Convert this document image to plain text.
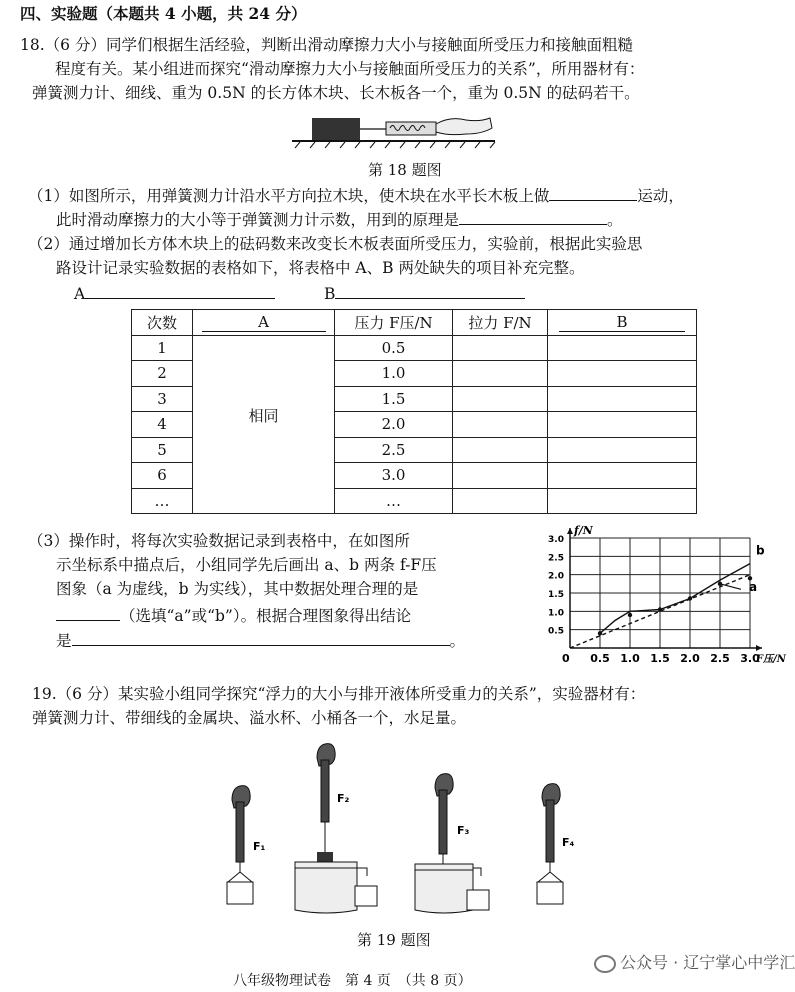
四、实验题（本题共 4 小题，共 24 分）
18.（6 分）同学们根据生活经验，判断出滑动摩擦力大小与接触面所受压力和接触面粗糙
程度有关。某小组进而探究“滑动摩擦力大小与接触面所受压力的关系”，所用器材有：
弹簧测力计、细线、重为 0.5N 的长方体木块、长木板各一个，重为 0.5N 的砝码若干。
第 18 题图
（1）如图所示，用弹簧测力计沿水平方向拉木块，使木块在水平长木板上做	运动，
此时滑动摩擦力的大小等于弹簧测力计示数，用到的原理是	。
（2）通过增加长方体木块上的砝码数来改变长木板表面所受压力，实验前，根据此实验思
路设计记录实验数据的表格如下，将表格中 A、B 两处缺失的项目补充完整。
A	B
次数	A	压力 F压/N	拉力 F/N	B
1	相同	0.5		
2		1.0		
3		1.5		
4		2.0		
5		2.5		
6		3.0		
…		…		
（3）操作时，将每次实验数据记录到表格中，在如图所
示坐标系中描点后，小组同学先后画出 a、b 两条 f-F压
图象（a 为虚线，b 为实线），其中数据处理合理的是
（选填“a”或“b”）。根据合理图象得出结论
是	。
0.5 1.0 1.5 2.0 2.5 3.0
0.5
1.0
1.5
2.0
2.5
3.0
0
f/N
F压/N
a
b
19.（6 分）某实验小组同学探究“浮力的大小与排开液体所受重力的关系”，实验器材有：
弹簧测力计、带细线的金属块、溢水杯、小桶各一个，水足量。
F₁
F₂
F₃
F₄
第 19 题图
公众号 · 辽宁掌心中学汇
八年级物理试卷　第 4 页　（共 8 页）
